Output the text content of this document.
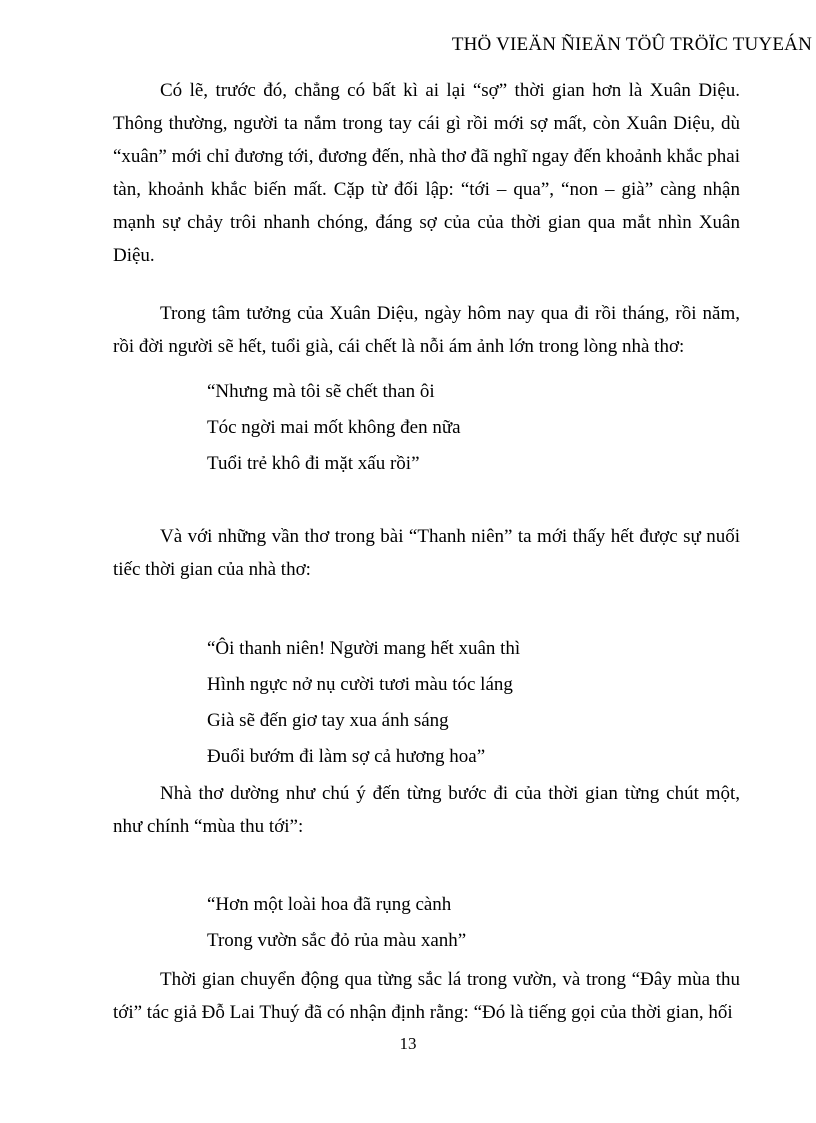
THÖ VIEÄN ÑIEÄN TÖÛ TRÖÏC TUYEÁN

Có lẽ, trước đó, chẳng có bất kì ai lại “sợ” thời gian hơn là Xuân Diệu. Thông thường, người ta nắm trong tay cái gì rồi mới sợ mất, còn Xuân Diệu, dù “xuân” mới chỉ đương tới, đương đến, nhà thơ đã nghĩ ngay đến khoảnh khắc phai tàn, khoảnh khắc biến mất. Cặp từ đối lập: “tới – qua”, “non – già” càng nhận mạnh sự chảy trôi nhanh chóng, đáng sợ của của thời gian qua mắt nhìn Xuân Diệu.

Trong tâm tưởng của Xuân Diệu, ngày hôm nay qua đi rồi tháng, rồi năm, rồi đời người sẽ hết, tuổi già, cái chết là nỗi ám ảnh lớn trong lòng nhà thơ:

“Nhưng mà tôi sẽ chết than ôi
Tóc ngời mai mốt không đen nữa
Tuổi trẻ khô đi mặt xấu rồi”

Và với những vần thơ trong bài “Thanh niên” ta mới thấy hết được sự nuối tiếc thời gian của nhà thơ:

“Ôi thanh niên! Người mang hết xuân thì
Hình ngực nở nụ cười tươi màu tóc láng
Già sẽ đến giơ tay xua ánh sáng
Đuổi bướm đi làm sợ cả hương hoa”

Nhà thơ dường như chú ý đến từng bước đi của thời gian từng chút một, như chính “mùa thu tới”:

“Hơn một loài hoa đã rụng cành
Trong vườn sắc đỏ rủa màu xanh”

Thời gian chuyển động qua từng sắc lá trong vườn, và trong “Đây mùa thu tới” tác giả Đỗ Lai Thuý đã có nhận định rằng: “Đó là tiếng gọi của thời gian, hối

13
